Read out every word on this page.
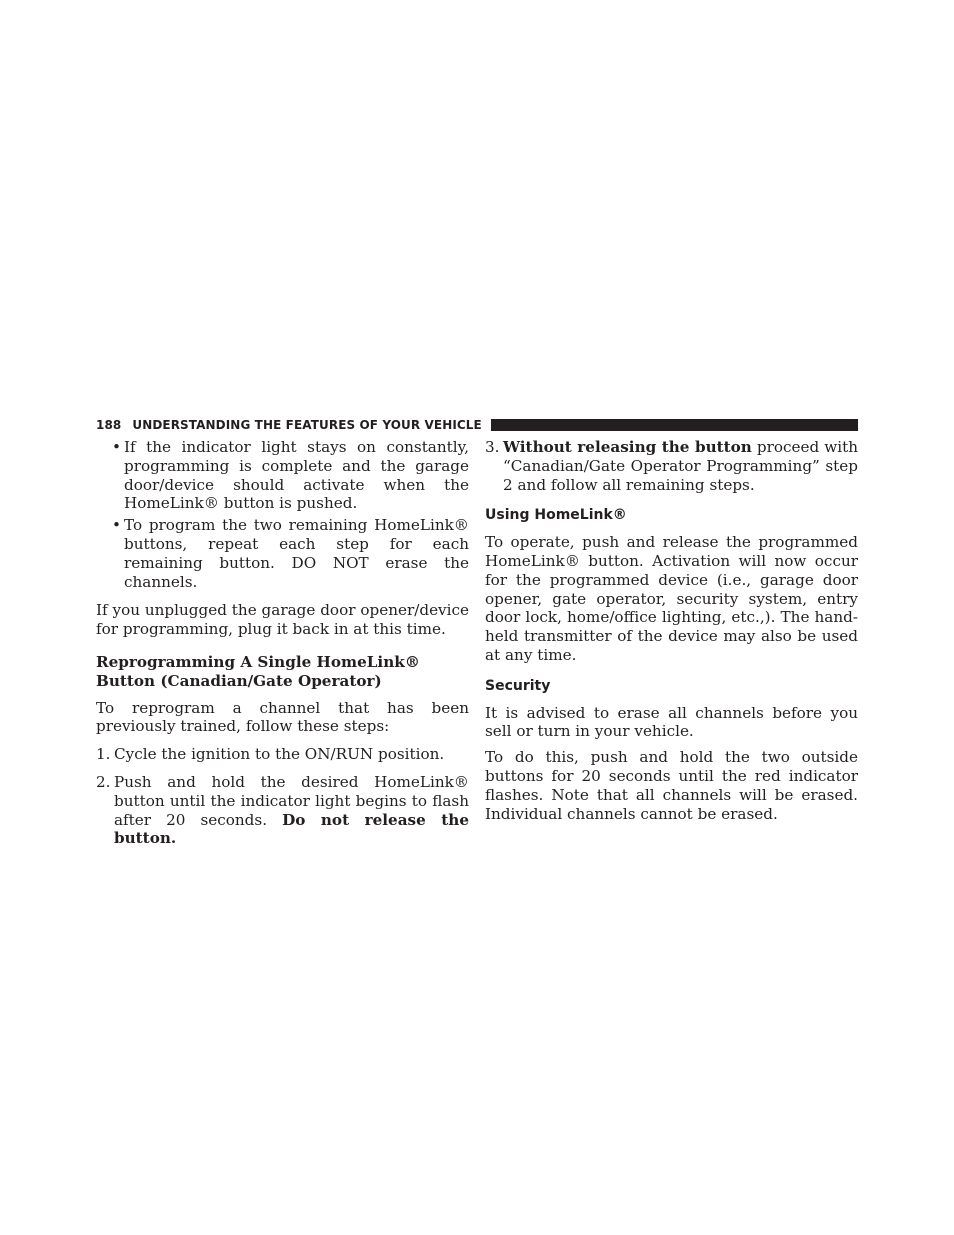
188 UNDERSTANDING THE FEATURES OF YOUR VEHICLE
• If the indicator light stays on constantly, programming is complete and the garage door/device should activate when the HomeLink® button is pushed.
• To program the two remaining HomeLink® buttons, repeat each step for each remaining button. DO NOT erase the channels.

If you unplugged the garage door opener/device for programming, plug it back in at this time.

Reprogramming A Single HomeLink® Button (Canadian/Gate Operator)

To reprogram a channel that has been previously trained, follow these steps:

1. Cycle the ignition to the ON/RUN position.
2. Push and hold the desired HomeLink® button until the indicator light begins to flash after 20 seconds. Do not release the button.
3. Without releasing the button proceed with “Canadian/Gate Operator Programming” step 2 and follow all remaining steps.
Using HomeLink®

To operate, push and release the programmed HomeLink® button. Activation will now occur for the programmed device (i.e., garage door opener, gate operator, security system, entry door lock, home/office lighting, etc.,). The hand-held transmitter of the device may also be used at any time.

Security

It is advised to erase all channels before you sell or turn in your vehicle.

To do this, push and hold the two outside buttons for 20 seconds until the red indicator flashes. Note that all channels will be erased. Individual channels cannot be erased.
